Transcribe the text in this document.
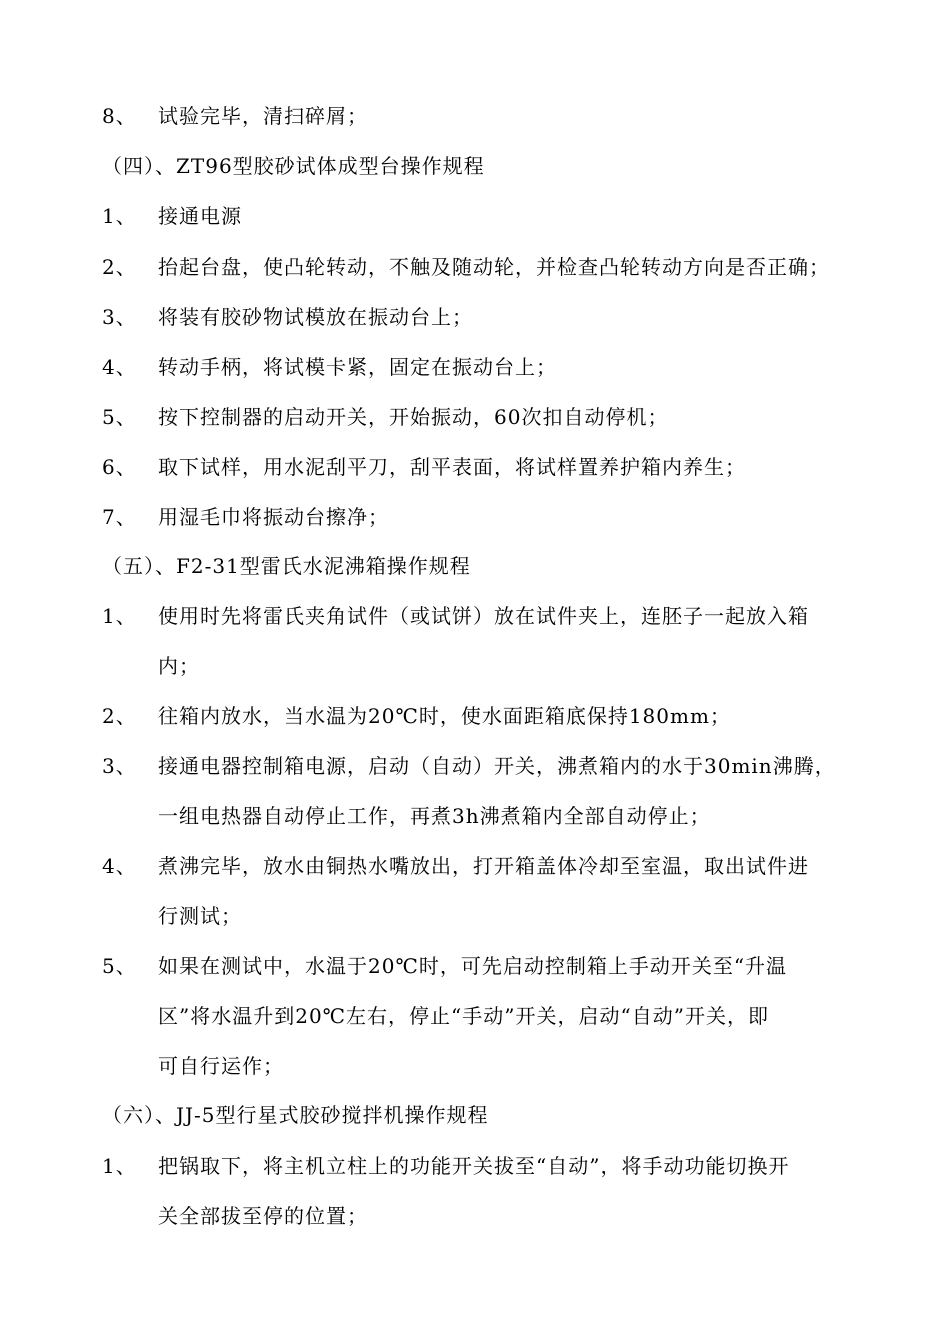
8、 试验完毕，清扫碎屑；
（四）、ZT96型胶砂试体成型台操作规程
1、 接通电源
2、 抬起台盘，使凸轮转动，不触及随动轮，并检查凸轮转动方向是否正确；
3、 将装有胶砂物试模放在振动台上；
4、 转动手柄，将试模卡紧，固定在振动台上；
5、 按下控制器的启动开关，开始振动，60次扣自动停机；
6、 取下试样，用水泥刮平刀，刮平表面，将试样置养护箱内养生；
7、 用湿毛巾将振动台擦净；
（五）、F2-31型雷氏水泥沸箱操作规程
1、 使用时先将雷氏夹角试件（或试饼）放在试件夹上，连胚子一起放入箱
内；
2、 往箱内放水，当水温为20℃时，使水面距箱底保持180mm；
3、 接通电器控制箱电源，启动（自动）开关，沸煮箱内的水于30min沸腾，
一组电热器自动停止工作，再煮3h沸煮箱内全部自动停止；
4、 煮沸完毕，放水由铜热水嘴放出，打开箱盖体冷却至室温，取出试件进
行测试；
5、 如果在测试中，水温于20℃时，可先启动控制箱上手动开关至“升温
区”将水温升到20℃左右，停止“手动”开关，启动“自动”开关，即
可自行运作；
（六）、JJ-5型行星式胶砂搅拌机操作规程
1、 把锅取下，将主机立柱上的功能开关拔至“自动”，将手动功能切换开
关全部拔至停的位置；
